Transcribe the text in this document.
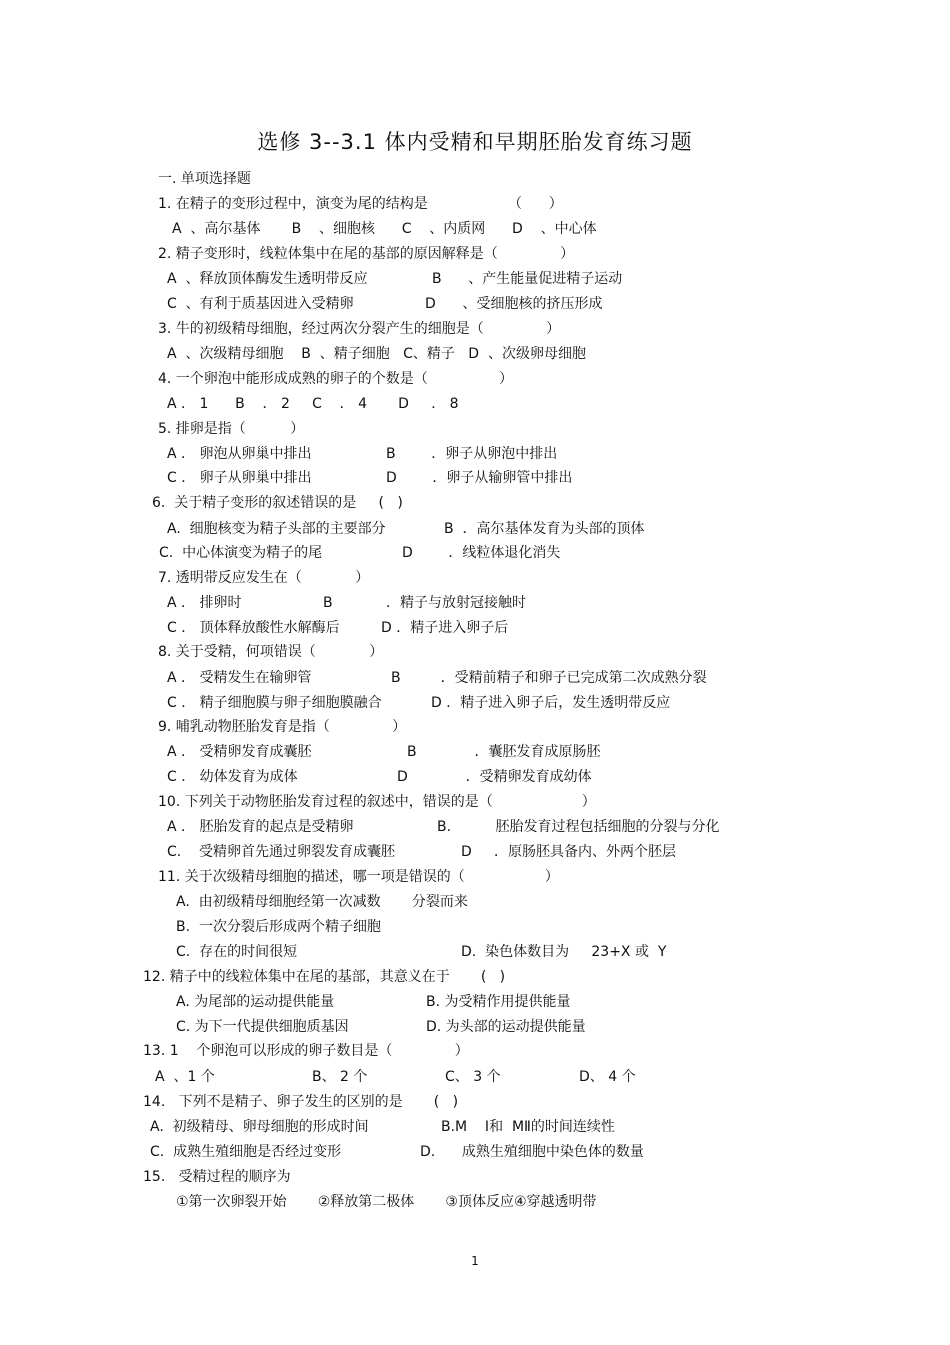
选修 3--3.1 体内受精和早期胚胎发育练习题
一. 单项选择题
1. 在精子的变形过程中，演变为尾的结构是	（      ）
A  、高尔基体       B    、细胞核      C    、内质网      D    、中心体
2. 精子变形时，线粒体集中在尾的基部的原因解释是（              ）
A  、释放顶体酶发生透明带反应	B      、产生能量促进精子运动
C  、有利于质基因进入受精卵	D      、受细胞核的挤压形成
3. 牛的初级精母细胞，经过两次分裂产生的细胞是（              ）
A  、次级精母细胞    B  、精子细胞   C、精子   D  、次级卵母细胞
4. 一个卵泡中能形成成熟的卵子的个数是（                ）
A ． 1      B    ． 2     C    ． 4       D     ． 8
5. 排卵是指（          ）
A ． 卵泡从卵巢中排出	B        ．卵子从卵泡中排出
C ． 卵子从卵巢中排出	D        ．卵子从输卵管中排出
6.  关于精子变形的叙述错误的是     (   )
A.  细胞核变为精子头部的主要部分	B  ．高尔基体发育为头部的顶体
C.  中心体演变为精子的尾	D        ．线粒体退化消失
7. 透明带反应发生在（            ）
A ． 排卵时	B            ．精子与放射冠接触时
C ． 顶体释放酸性水解酶后	D ．精子进入卵子后
8. 关于受精，何项错误（            ）
A ． 受精发生在输卵管	B         ．受精前精子和卵子已完成第二次成熟分裂
C ． 精子细胞膜与卵子细胞膜融合	D ．精子进入卵子后，发生透明带反应
9. 哺乳动物胚胎发育是指（              ）
A ． 受精卵发育成囊胚	B             ．囊胚发育成原肠胚
C ． 幼体发育为成体	D             ．受精卵发育成幼体
10. 下列关于动物胚胎发育过程的叙述中，错误的是（                    ）
A ． 胚胎发育的起点是受精卵	B.          胚胎发育过程包括细胞的分裂与分化
C.    受精卵首先通过卵裂发育成囊胚	D     ．原肠胚具备内、外两个胚层
11. 关于次级精母细胞的描述，哪一项是错误的（                  ）
A.  由初级精母细胞经第一次减数       分裂而来
B.  一次分裂后形成两个精子细胞
C.  存在的时间很短	D.  染色体数目为     23+X 或  Y
12. 精子中的线粒体集中在尾的基部，其意义在于       (   )
A. 为尾部的运动提供能量	B. 为受精作用提供能量
C. 为下一代提供细胞质基因	D. 为头部的运动提供能量
13. 1    个卵泡可以形成的卵子数目是（              ）
A  、1 个	B、 2 个	C、 3 个	D、 4 个
14.   下列不是精子、卵子发生的区别的是       (   )
A.  初级精母、卵母细胞的形成时间	B.M    Ⅰ和  MⅡ的时间连续性
C.  成熟生殖细胞是否经过变形	D.      成熟生殖细胞中染色体的数量
15.   受精过程的顺序为
①第一次卵裂开始       ②释放第二极体       ③顶体反应④穿越透明带
1
